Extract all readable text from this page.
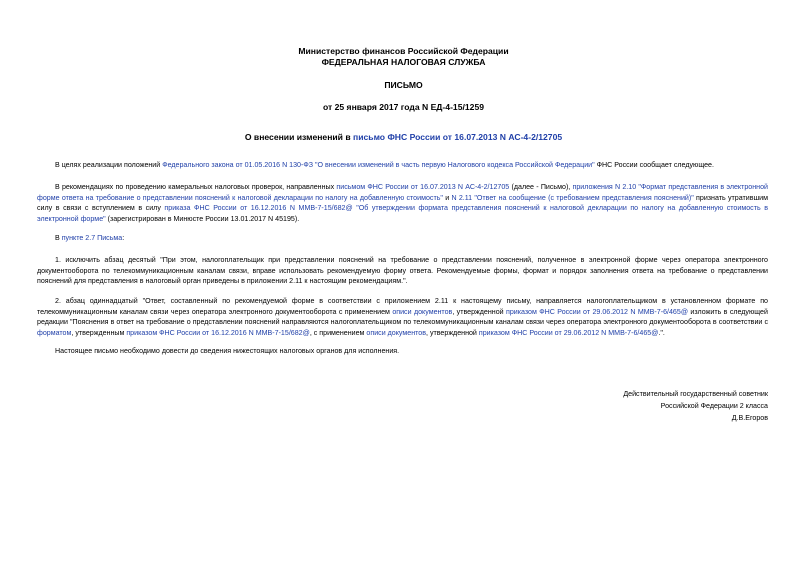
Министерство финансов Российской Федерации
ФЕДЕРАЛЬНАЯ НАЛОГОВАЯ СЛУЖБА
ПИСЬМО
от 25 января 2017 года N ЕД-4-15/1259
О внесении изменений в письмо ФНС России от 16.07.2013 N АС-4-2/12705

В целях реализации положений Федерального закона от 01.05.2016 N 130-ФЗ "О внесении изменений в часть первую Налогового кодекса Российской Федерации" ФНС России сообщает следующее.

В рекомендациях по проведению камеральных налоговых проверок, направленных письмом ФНС России от 16.07.2013 N АС-4-2/12705 (далее - Письмо), приложения N 2.10 "Формат представления в электронной форме ответа на требование о представлении пояснений к налоговой декларации по налогу на добавленную стоимость" и N 2.11 "Ответ на сообщение (с требованием представления пояснений)" признать утратившим силу в связи с вступлением в силу приказа ФНС России от 16.12.2016 N ММВ-7-15/682@ "Об утверждении формата представления пояснений к налоговой декларации по налогу на добавленную стоимость в электронной форме" (зарегистрирован в Минюсте России 13.01.2017 N 45195).

В пункте 2.7 Письма:

1. исключить абзац десятый "При этом, налогоплательщик при представлении пояснений на требование о представлении пояснений, полученное в электронной форме через оператора электронного документооборота по телекоммуникационным каналам связи, вправе использовать рекомендуемую форму ответа. Рекомендуемые формы, формат и порядок заполнения ответа на требование о представлении пояснений для представления в налоговый орган приведены в приложении 2.11 к настоящим рекомендациям.".

2. абзац одиннадцатый "Ответ, составленный по рекомендуемой форме в соответствии с приложением 2.11 к настоящему письму, направляется налогоплательщиком в установленном формате по телекоммуникационным каналам связи через оператора электронного документооборота с применением описи документов, утвержденной приказом ФНС России от 29.06.2012 N ММВ-7-6/465@ изложить в следующей редакции "Пояснения в ответ на требование о представлении пояснений направляются налогоплательщиком по телекоммуникационным каналам связи через оператора электронного документооборота в соответствии с форматом, утвержденным приказом ФНС России от 16.12.2016 N ММВ-7-15/682@, с применением описи документов, утвержденной приказом ФНС России от 29.06.2012 N ММВ-7-6/465@.".

Настоящее письмо необходимо довести до сведения нижестоящих налоговых органов для исполнения.

Действительный государственный советник
Российской Федерации 2 класса
Д.В.Егоров
